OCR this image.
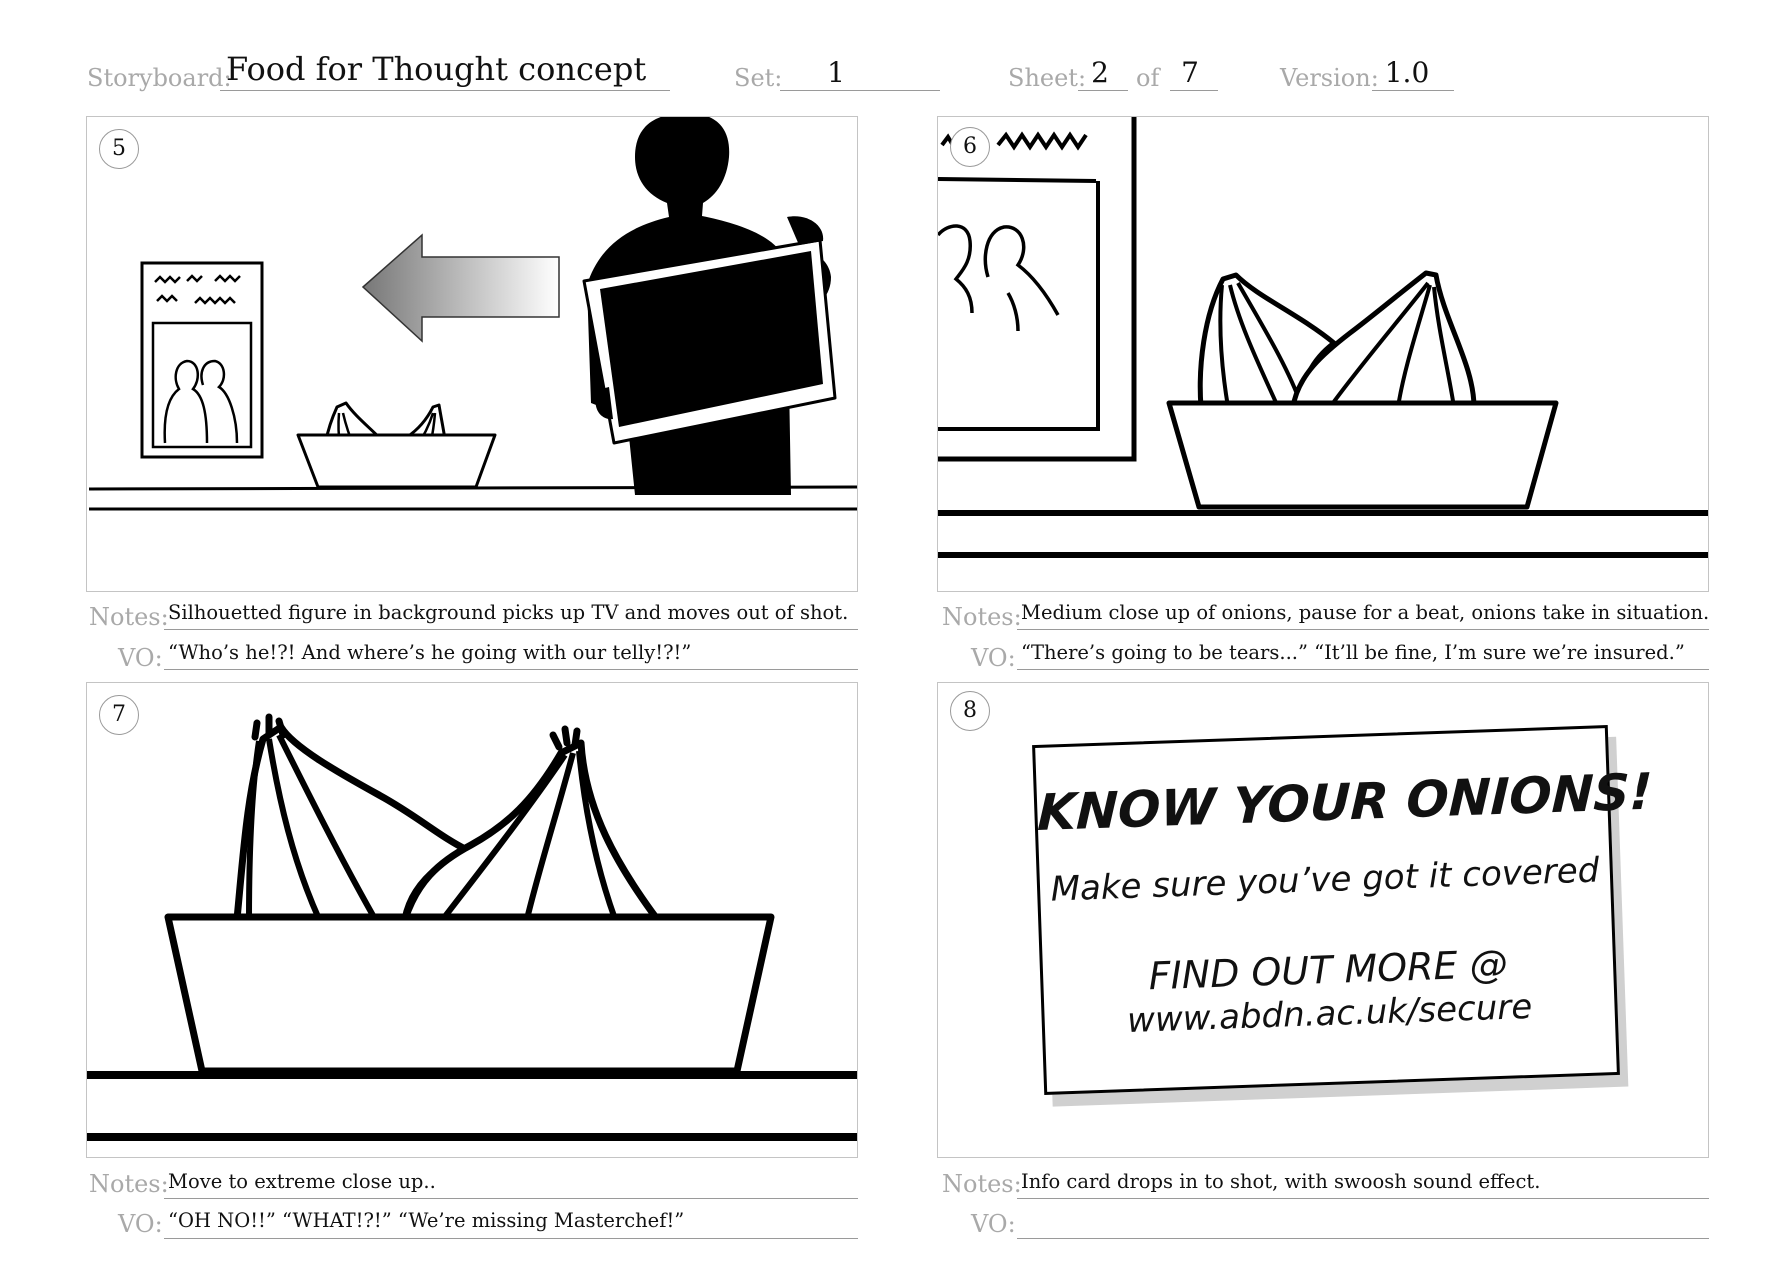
Storyboard:
Food for Thought concept	Set:	1	Sheet: 2	of 7	Version: 1.0
5	6
Notes: Silhouetted figure in background picks up TV and moves out of shot.
VO: “Who’s he!?! And where’s he going with our telly!?!”
Notes: Medium close up of onions, pause for a beat, onions take in situation.
VO: “There’s going to be tears...” “It’ll be fine, I’m sure we’re insured.”
7	8
KNOW YOUR ONIONS!
Make sure you’ve got it covered
FIND OUT MORE @
www.abdn.ac.uk/secure
Notes: Move to extreme close up..
VO: “OH NO!!” “WHAT!?!” “We’re missing Masterchef!”
Notes: Info card drops in to shot, with swoosh sound effect.
VO:
